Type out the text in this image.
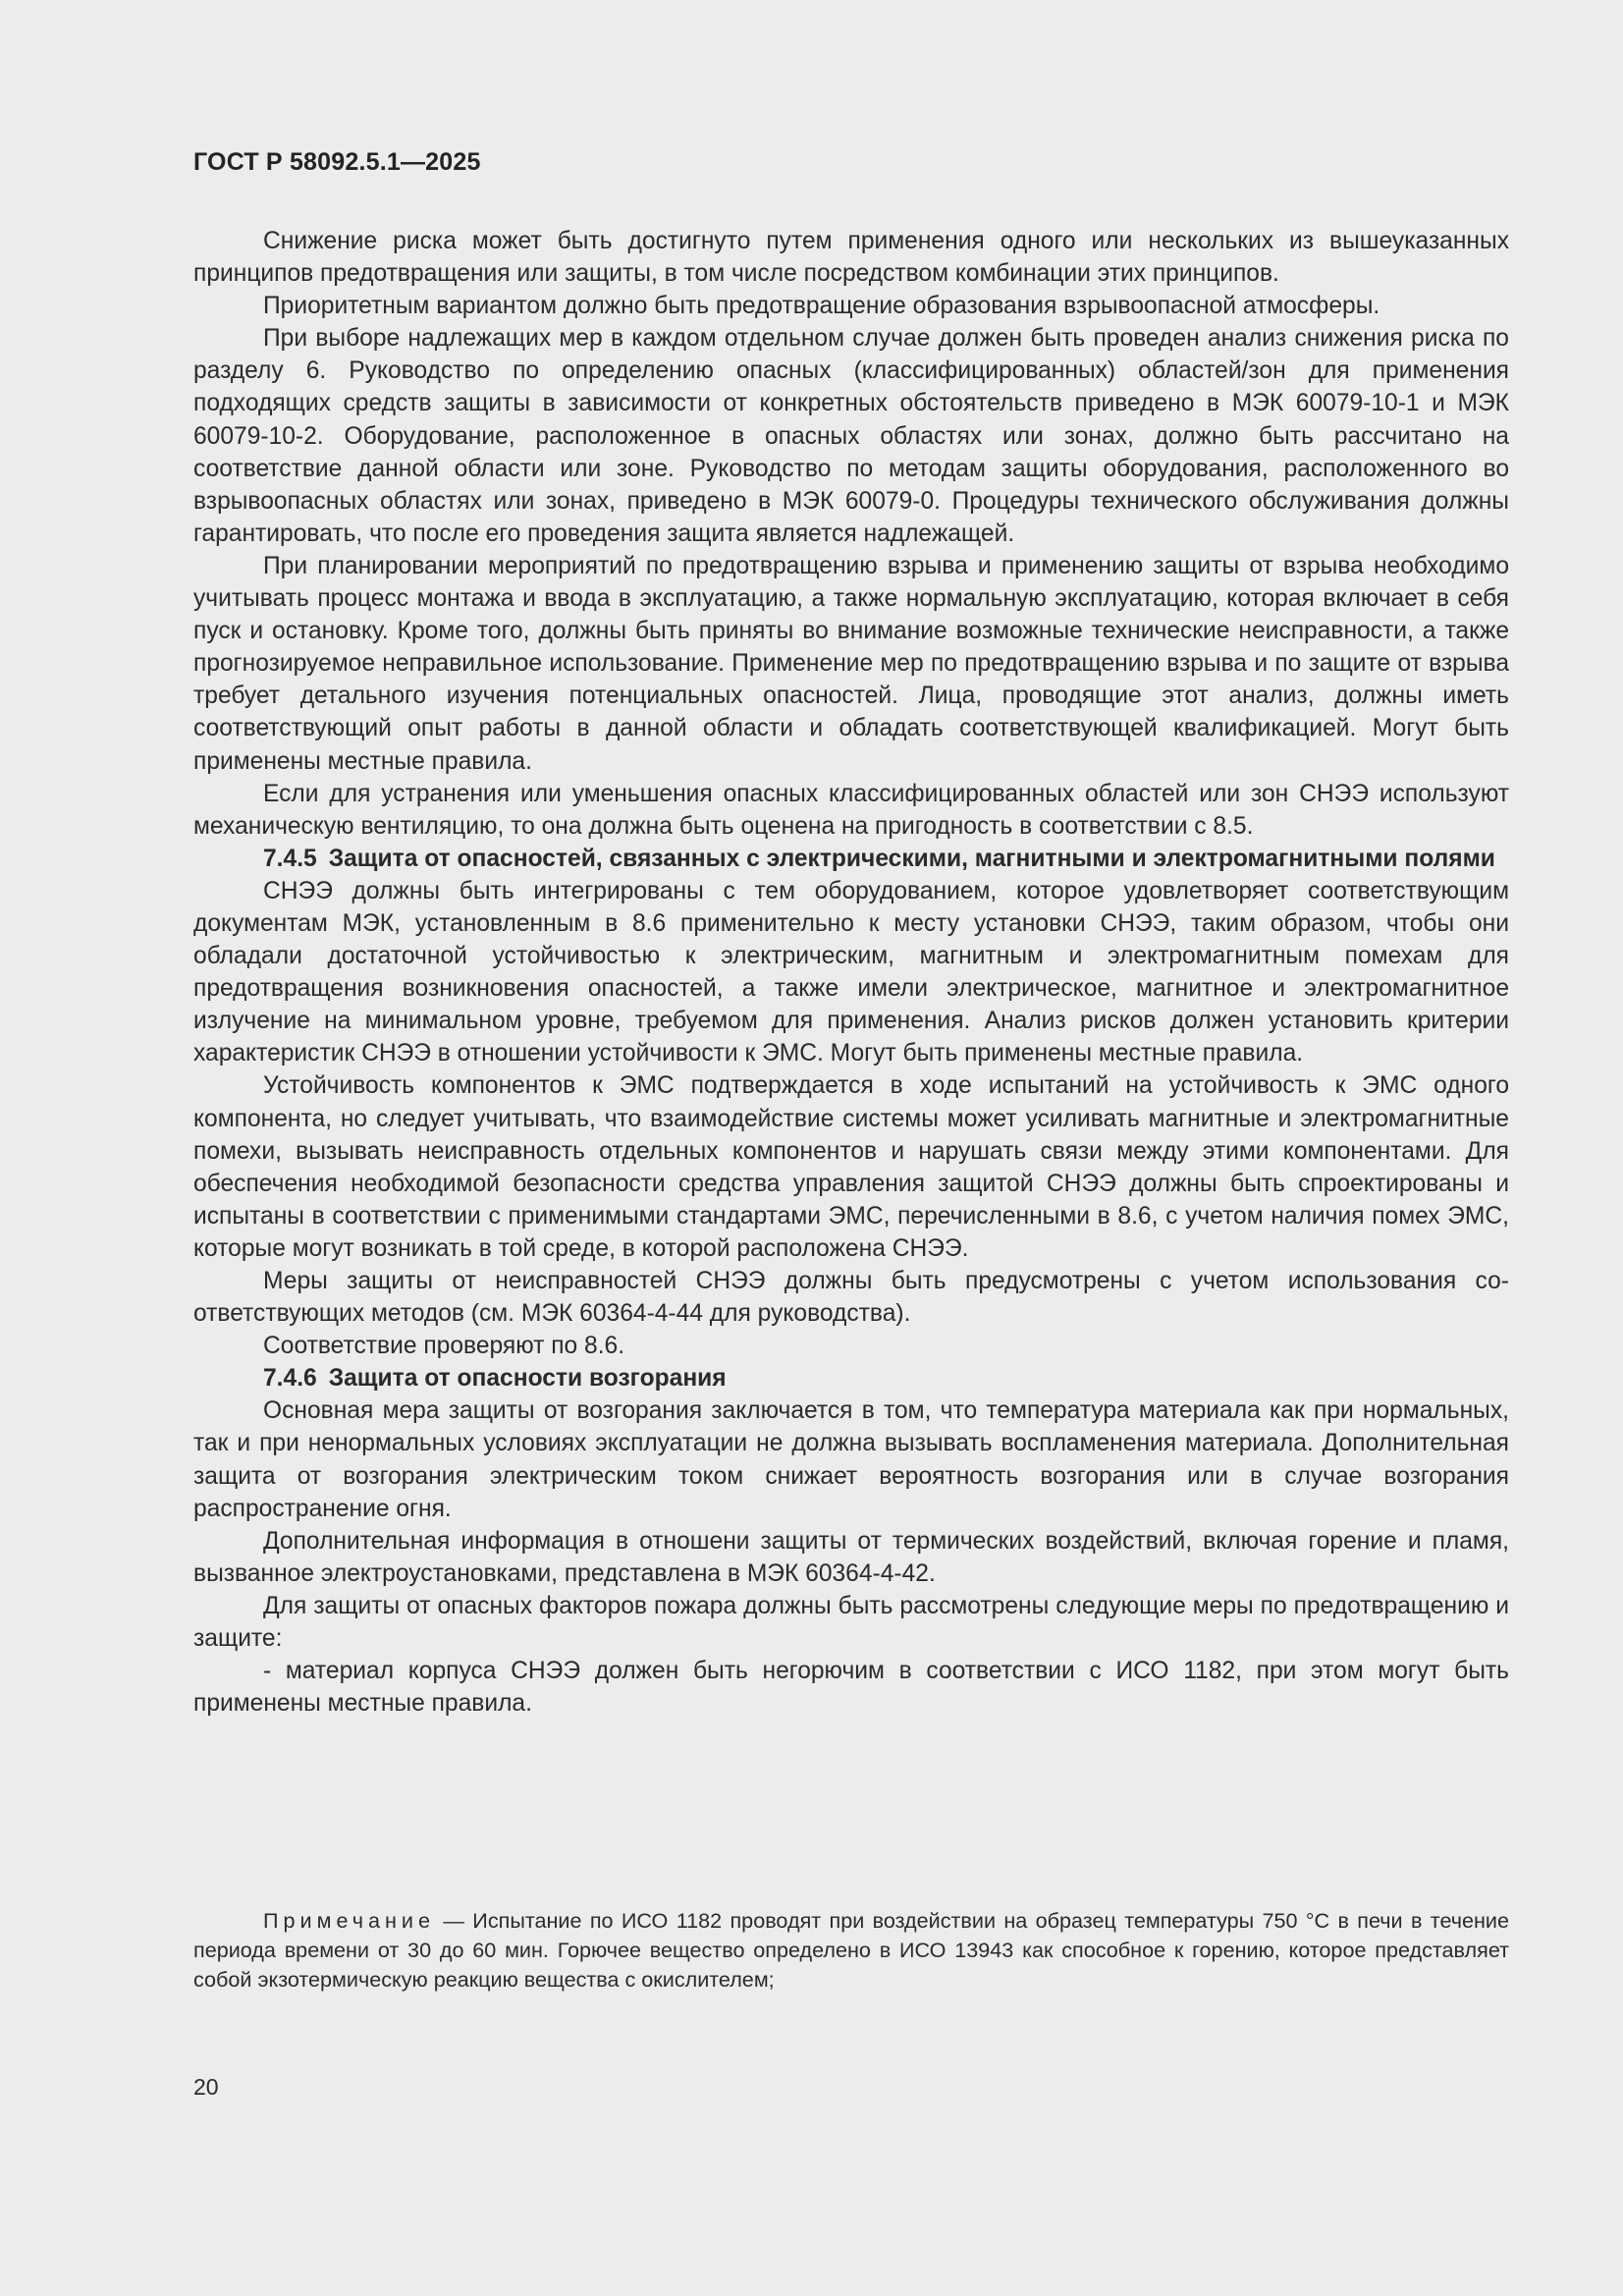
ГОСТ Р 58092.5.1—2025

Снижение риска может быть достигнуто путем применения одного или нескольких из вышеуказанных принципов предотвращения или защиты, в том числе посредством комбинации этих принципов.

Приоритетным вариантом должно быть предотвращение образования взрывоопасной атмосферы.

При выборе надлежащих мер в каждом отдельном случае должен быть проведен анализ снижения риска по разделу 6. Руководство по определению опасных (классифицированных) областей/зон для применения подходящих средств защиты в зависимости от конкретных обстоятельств приведено в МЭК 60079-10-1 и МЭК 60079-10-2. Оборудование, расположенное в опасных областях или зонах, должно быть рассчитано на соответствие данной области или зоне. Руководство по методам защиты оборудования, расположенного во взрывоопасных областях или зонах, приведено в МЭК 60079-0. Процедуры технического обслуживания должны гарантировать, что после его проведения защита является надлежащей.

При планировании мероприятий по предотвращению взрыва и применению защиты от взрыва необходимо учитывать процесс монтажа и ввода в эксплуатацию, а также нормальную эксплуатацию, которая включает в себя пуск и остановку. Кроме того, должны быть приняты во внимание возможные технические неисправности, а также прогнозируемое неправильное использование. Применение мер по предотвращению взрыва и по защите от взрыва требует детального изучения потенциальных опасностей. Лица, проводящие этот анализ, должны иметь соответствующий опыт работы в данной области и обладать соответствующей квалификацией. Могут быть применены местные правила.

Если для устранения или уменьшения опасных классифицированных областей или зон СНЭЭ используют механическую вентиляцию, то она должна быть оценена на пригодность в соответствии с 8.5.

7.4.5 Защита от опасностей, связанных с электрическими, магнитными и электромагнитными полями

СНЭЭ должны быть интегрированы с тем оборудованием, которое удовлетворяет соответствующим документам МЭК, установленным в 8.6 применительно к месту установки СНЭЭ, таким образом, чтобы они обладали достаточной устойчивостью к электрическим, магнитным и электромагнитным помехам для предотвращения возникновения опасностей, а также имели электрическое, магнитное и электромагнитное излучение на минимальном уровне, требуемом для применения. Анализ рисков должен установить критерии характеристик СНЭЭ в отношении устойчивости к ЭМС. Могут быть применены местные правила.

Устойчивость компонентов к ЭМС подтверждается в ходе испытаний на устойчивость к ЭМС одного компонента, но следует учитывать, что взаимодействие системы может усиливать магнитные и электромагнитные помехи, вызывать неисправность отдельных компонентов и нарушать связи между этими компонентами. Для обеспечения необходимой безопасности средства управления защитой СНЭЭ должны быть спроектированы и испытаны в соответствии с применимыми стандартами ЭМС, перечисленными в 8.6, с учетом наличия помех ЭМС, которые могут возникать в той среде, в которой расположена СНЭЭ.

Меры защиты от неисправностей СНЭЭ должны быть предусмотрены с учетом использования соответствующих методов (см. МЭК 60364-4-44 для руководства).

Соответствие проверяют по 8.6.

7.4.6 Защита от опасности возгорания

Основная мера защиты от возгорания заключается в том, что температура материала как при нормальных, так и при ненормальных условиях эксплуатации не должна вызывать воспламенения материала. Дополнительная защита от возгорания электрическим током снижает вероятность возгорания или в случае возгорания распространение огня.

Дополнительная информация в отношени защиты от термических воздействий, включая горение и пламя, вызванное электроустановками, представлена в МЭК 60364-4-42.

Для защиты от опасных факторов пожара должны быть рассмотрены следующие меры по предотвращению и защите:

- материал корпуса СНЭЭ должен быть негорючим в соответствии с ИСО 1182, при этом могут быть применены местные правила.

Примечание — Испытание по ИСО 1182 проводят при воздействии на образец температуры 750 °C в печи в течение периода времени от 30 до 60 мин. Горючее вещество определено в ИСО 13943 как способное к горению, которое представляет собой экзотермическую реакцию вещества с окислителем;
20
